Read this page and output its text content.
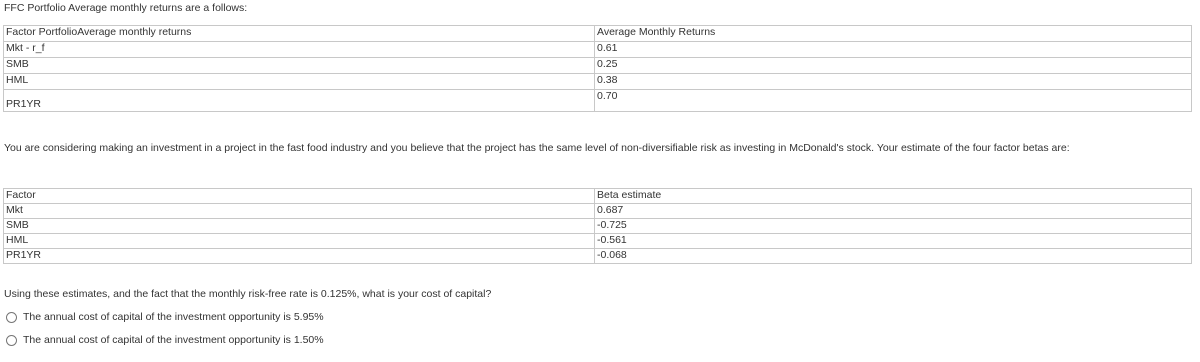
FFC Portfolio Average monthly returns are a follows:
Factor PortfolioAverage monthly returns	Average Monthly Returns
Mkt - r_f	0.61
SMB	0.25
HML	0.38
PR1YR	0.70
You are considering making an investment in a project in the fast food industry and you believe that the project has the same level of non-diversifiable risk as investing in McDonald's stock. Your estimate of the four factor betas are:
Factor	Beta estimate
Mkt	0.687
SMB	-0.725
HML	-0.561
PR1YR	-0.068
Using these estimates, and the fact that the monthly risk-free rate is 0.125%, what is your cost of capital?
The annual cost of capital of the investment opportunity is 5.95%
The annual cost of capital of the investment opportunity is 1.50%
